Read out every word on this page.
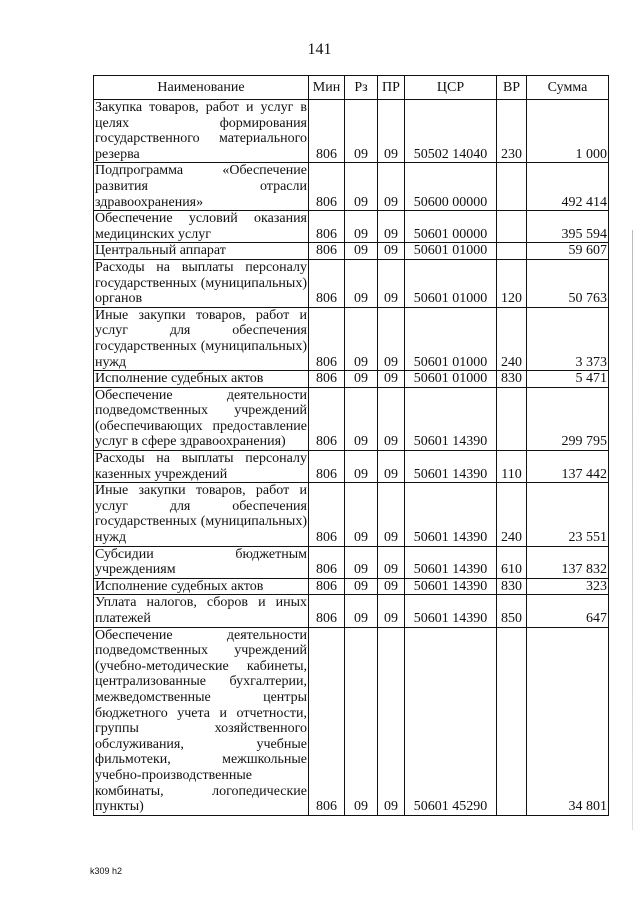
141
Наименование	Мин	Рз	ПР	ЦСР	ВР	Сумма
Закупка товаров, работ и услуг в целях формирования государственного материального резерва	806	09	09	50502 14040	230	1 000
Подпрограмма «Обеспечение развития отрасли здравоохранения»	806	09	09	50600 00000		492 414
Обеспечение условий оказания медицинских услуг	806	09	09	50601 00000		395 594
Центральный аппарат	806	09	09	50601 01000		59 607
Расходы на выплаты персоналу государственных (муниципальных) органов	806	09	09	50601 01000	120	50 763
Иные закупки товаров, работ и услуг для обеспечения государственных (муниципальных) нужд	806	09	09	50601 01000	240	3 373
Исполнение судебных актов	806	09	09	50601 01000	830	5 471
Обеспечение деятельности подведомственных учреждений (обеспечивающих предоставление услуг в сфере здравоохранения)	806	09	09	50601 14390		299 795
Расходы на выплаты персоналу казенных учреждений	806	09	09	50601 14390	110	137 442
Иные закупки товаров, работ и услуг для обеспечения государственных (муниципальных) нужд	806	09	09	50601 14390	240	23 551
Субсидии бюджетным учреждениям	806	09	09	50601 14390	610	137 832
Исполнение судебных актов	806	09	09	50601 14390	830	323
Уплата налогов, сборов и иных платежей	806	09	09	50601 14390	850	647
Обеспечение деятельности подведомственных учреждений (учебно-методические кабинеты, централизованные бухгалтерии, межведомственные центры бюджетного учета и отчетности, группы хозяйственного обслуживания, учебные фильмотеки, межшкольные учебно-производственные комбинаты, логопедические пункты)	806	09	09	50601 45290		34 801
k309 h2
